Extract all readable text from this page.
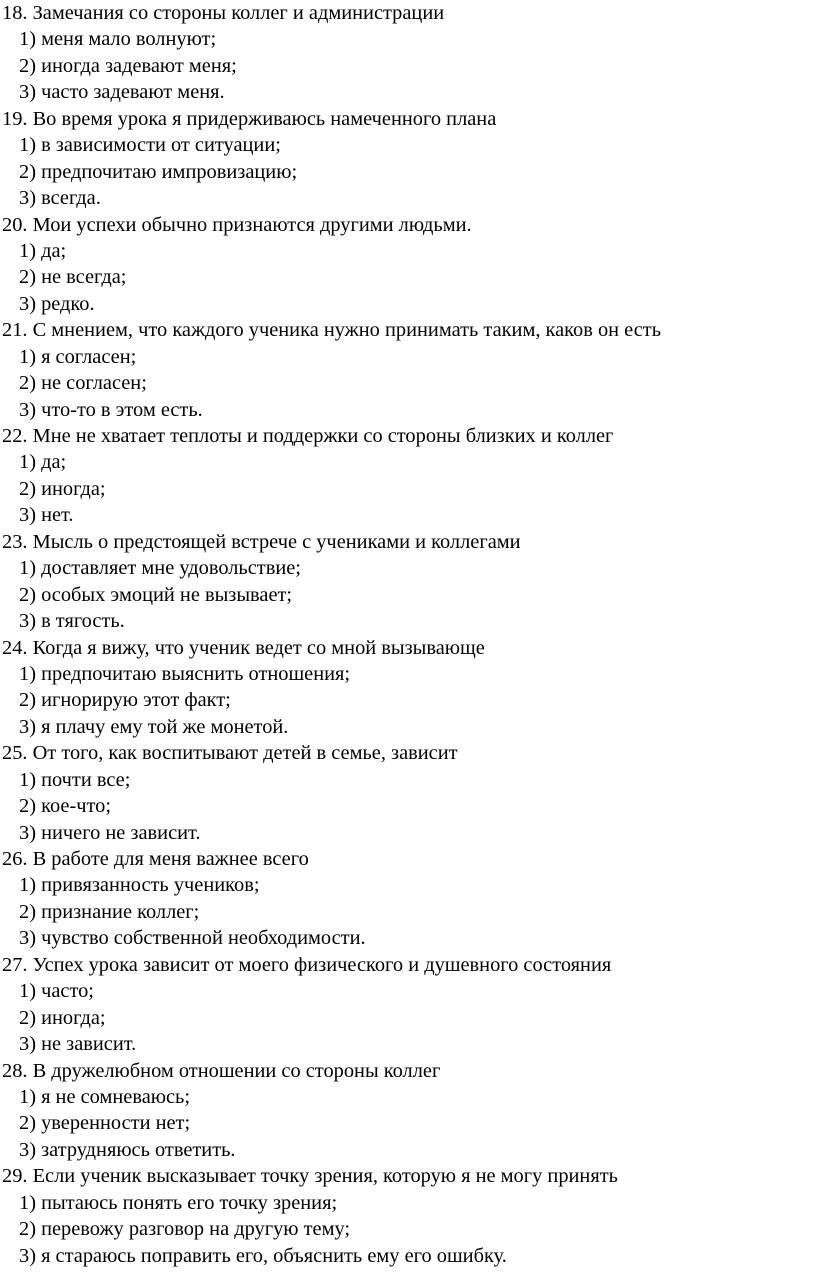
18. Замечания со стороны коллег и администрации
1) меня мало волнуют;
2) иногда задевают меня;
3) часто задевают меня.
19. Во время урока я придерживаюсь намеченного плана
1) в зависимости от ситуации;
2) предпочитаю импровизацию;
3) всегда.
20. Мои успехи обычно признаются другими людьми.
1) да;
2) не всегда;
3) редко.
21. С мнением, что каждого ученика нужно принимать таким, каков он есть
1) я согласен;
2) не согласен;
3) что-то в этом есть.
22. Мне не хватает теплоты и поддержки со стороны близких и коллег
1) да;
2) иногда;
3) нет.
23. Мысль о предстоящей встрече с учениками и коллегами
1) доставляет мне удовольствие;
2) особых эмоций не вызывает;
3) в тягость.
24. Когда я вижу, что ученик ведет со мной вызывающе
1) предпочитаю выяснить отношения;
2) игнорирую этот факт;
3) я плачу ему той же монетой.
25. От того, как воспитывают детей в семье, зависит
1) почти все;
2) кое-что;
3) ничего не зависит.
26. В работе для меня важнее всего
1) привязанность учеников;
2) признание коллег;
3) чувство собственной необходимости.
27. Успех урока зависит от моего физического и душевного состояния
1) часто;
2) иногда;
3) не зависит.
28. В дружелюбном отношении со стороны коллег
1) я не сомневаюсь;
2) уверенности нет;
3) затрудняюсь ответить.
29. Если ученик высказывает точку зрения, которую я не могу принять
1) пытаюсь понять его точку зрения;
2) перевожу разговор на другую тему;
3) я стараюсь поправить его, объяснить ему его ошибку.
